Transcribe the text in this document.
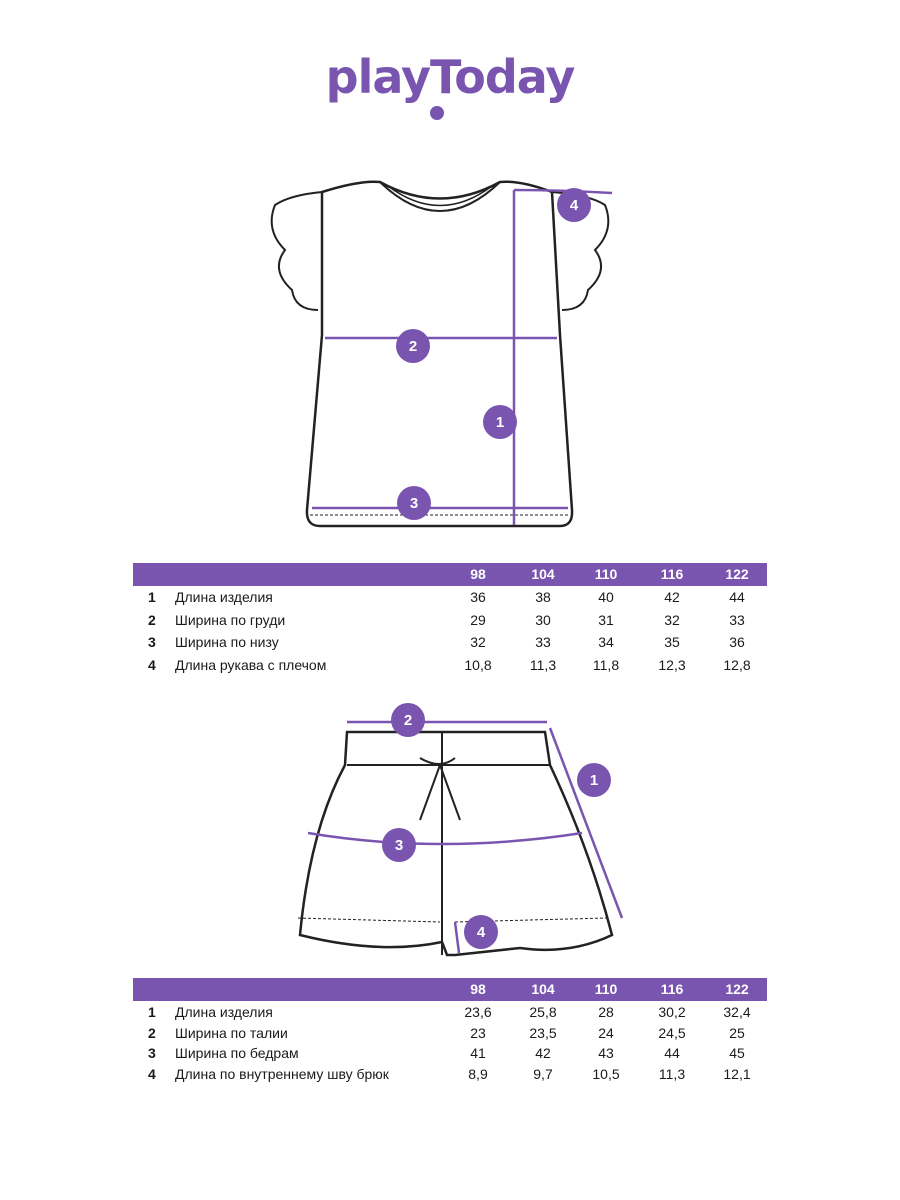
playToday
1
2
3
4
1
2
3
4
98	104	110	116	122
1 Длина изделия	36	38	40	42	44
2 Ширина по груди	29	30	31	32	33
3 Ширина по низу	32	33	34	35	36
4 Длина рукава с плечом	10,8	11,3	11,8	12,3	12,8
98	104	110	116	122
1 Длина изделия	23,6	25,8	28	30,2	32,4
2 Ширина по талии	23	23,5	24	24,5	25
3 Ширина по бедрам	41	42	43	44	45
4 Длина по внутреннему шву брюк	8,9	9,7	10,5	11,3	12,1
